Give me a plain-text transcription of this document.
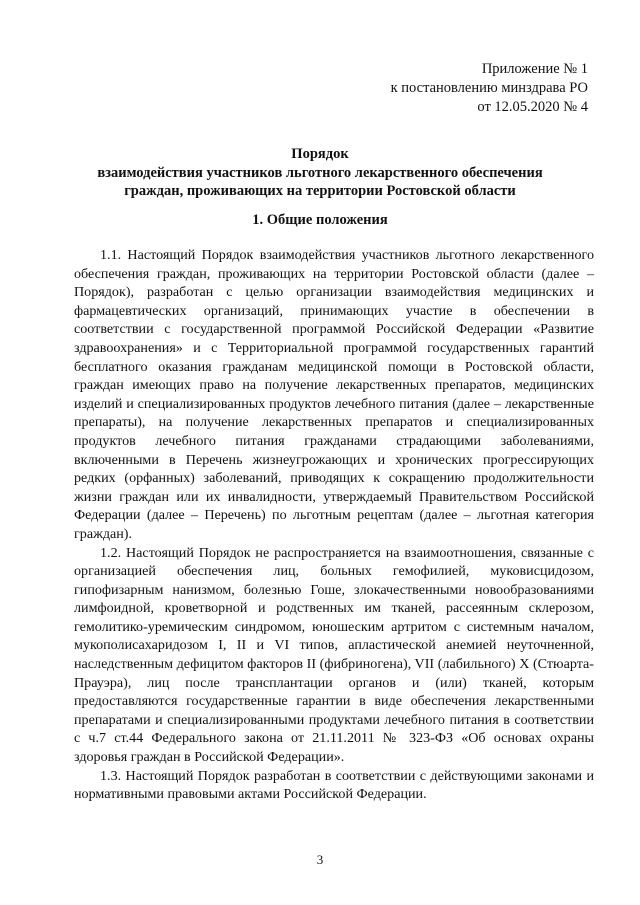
Приложение № 1
к постановлению минздрава РО
от 12.05.2020 № 4
Порядок
взаимодействия участников льготного лекарственного обеспечения
граждан, проживающих на территории Ростовской области
1. Общие положения

1.1. Настоящий Порядок взаимодействия участников льготного лекарственного обеспечения граждан, проживающих на территории Ростовской области (далее – Порядок), разработан с целью организации взаимодействия медицинских и фармацевтических организаций, принимающих участие в обеспечении в соответствии с государственной программой Российской Федерации «Развитие здравоохранения» и с Территориальной программой государственных гарантий бесплатного оказания гражданам медицинской помощи в Ростовской области, граждан имеющих право на получение лекарственных препаратов, медицинских изделий и специализированных продуктов лечебного питания (далее – лекарственные препараты), на получение лекарственных препаратов и специализированных продуктов лечебного питания гражданами страдающими заболеваниями, включенными в Перечень жизнеугрожающих и хронических прогрессирующих редких (орфанных) заболеваний, приводящих к сокращению продолжительности жизни граждан или их инвалидности, утверждаемый Правительством Российской Федерации (далее – Перечень) по льготным рецептам (далее – льготная категория граждан).

1.2. Настоящий Порядок не распространяется на взаимоотношения, связанные с организацией обеспечения лиц, больных гемофилией, муковисцидозом, гипофизарным нанизмом, болезнью Гоше, злокачественными новообразованиями лимфоидной, кроветворной и родственных им тканей, рассеянным склерозом, гемолитико-уремическим синдромом, юношеским артритом с системным началом, мукополисахаридозом I, II и VI типов, апластической анемией неуточненной, наследственным дефицитом факторов II (фибриногена), VII (лабильного) X (Стюарта-Прауэра), лиц после трансплантации органов и (или) тканей, которым предоставляются государственные гарантии в виде обеспечения лекарственными препаратами и специализированными продуктами лечебного питания в соответствии с ч.7 ст.44 Федерального закона от 21.11.2011 № 323-ФЗ «Об основах охраны здоровья граждан в Российской Федерации».

1.3. Настоящий Порядок разработан в соответствии с действующими законами и нормативными правовыми актами Российской Федерации.

3
